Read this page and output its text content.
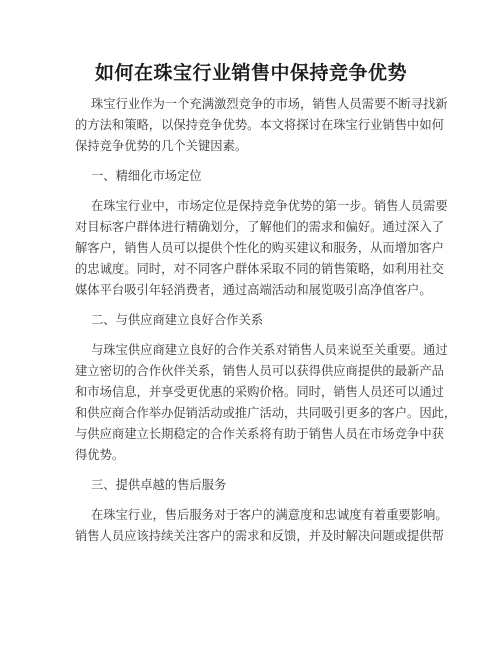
如何在珠宝行业销售中保持竞争优势
珠宝行业作为一个充满激烈竞争的市场，销售人员需要不断寻找新
的方法和策略，以保持竞争优势。本文将探讨在珠宝行业销售中如何
保持竞争优势的几个关键因素。
一、精细化市场定位
在珠宝行业中，市场定位是保持竞争优势的第一步。销售人员需要
对目标客户群体进行精确划分，了解他们的需求和偏好。通过深入了
解客户，销售人员可以提供个性化的购买建议和服务，从而增加客户
的忠诚度。同时，对不同客户群体采取不同的销售策略，如利用社交
媒体平台吸引年轻消费者，通过高端活动和展览吸引高净值客户。
二、与供应商建立良好合作关系
与珠宝供应商建立良好的合作关系对销售人员来说至关重要。通过
建立密切的合作伙伴关系，销售人员可以获得供应商提供的最新产品
和市场信息，并享受更优惠的采购价格。同时，销售人员还可以通过
和供应商合作举办促销活动或推广活动，共同吸引更多的客户。因此，
与供应商建立长期稳定的合作关系将有助于销售人员在市场竞争中获
得优势。
三、提供卓越的售后服务
在珠宝行业，售后服务对于客户的满意度和忠诚度有着重要影响。
销售人员应该持续关注客户的需求和反馈，并及时解决问题或提供帮
